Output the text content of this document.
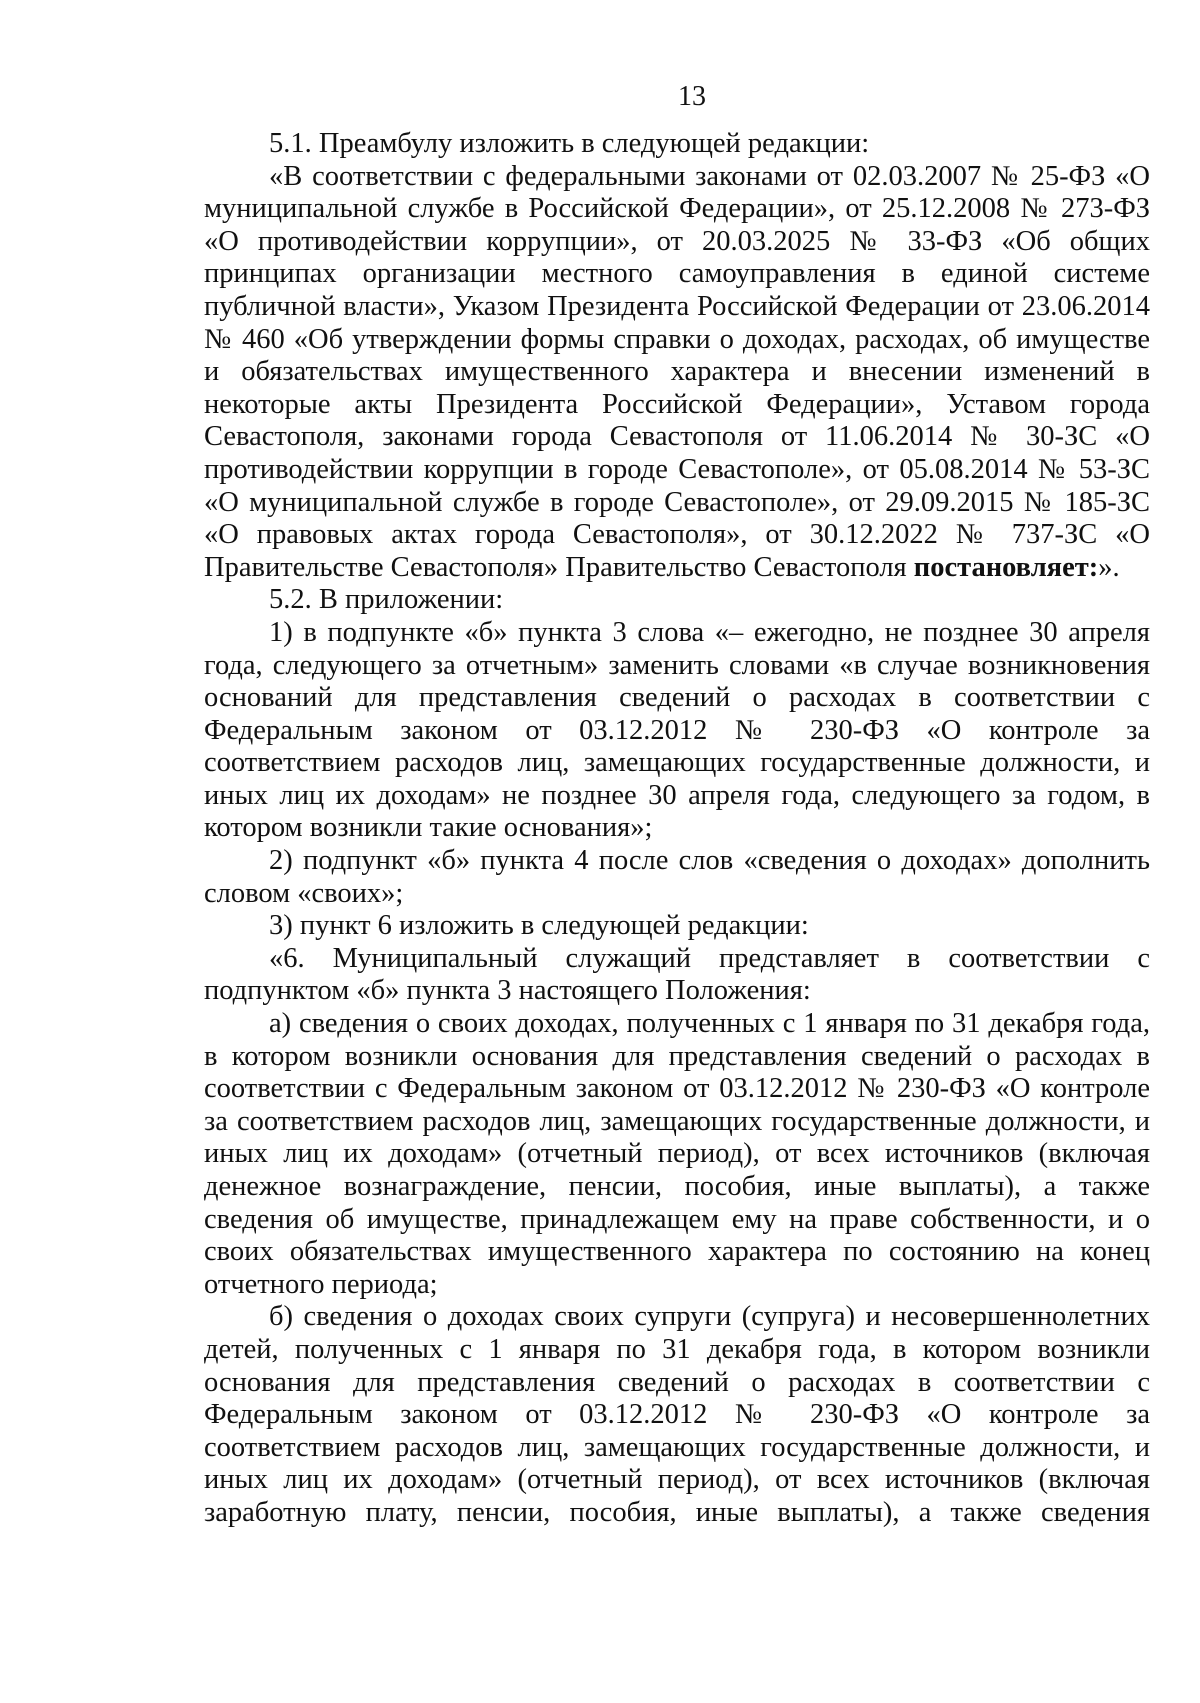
13

5.1. Преамбулу изложить в следующей редакции:

«В соответствии с федеральными законами от 02.03.2007 № 25-ФЗ «О муниципальной службе в Российской Федерации», от 25.12.2008 № 273-ФЗ «О противодействии коррупции», от 20.03.2025 № 33-ФЗ «Об общих принципах организации местного самоуправления в единой системе публичной власти», Указом Президента Российской Федерации от 23.06.2014 № 460 «Об утверждении формы справки о доходах, расходах, об имуществе и обязательствах имущественного характера и внесении изменений в некоторые акты Президента Российской Федерации», Уставом города Севастополя, законами города Севастополя от 11.06.2014 № 30-ЗС «О противодействии коррупции в городе Севастополе», от 05.08.2014 № 53-ЗС «О муниципальной службе в городе Севастополе», от 29.09.2015 № 185-ЗС «О правовых актах города Севастополя», от 30.12.2022 № 737-ЗС «О Правительстве Севастополя» Правительство Севастополя постановляет:».

5.2. В приложении:

1) в подпункте «б» пункта 3 слова «– ежегодно, не позднее 30 апреля года, следующего за отчетным» заменить словами «в случае возникновения оснований для представления сведений о расходах в соответствии с Федеральным законом от 03.12.2012 № 230-ФЗ «О контроле за соответствием расходов лиц, замещающих государственные должности, и иных лиц их доходам» не позднее 30 апреля года, следующего за годом, в котором возникли такие основания»;

2) подпункт «б» пункта 4 после слов «сведения о доходах» дополнить словом «своих»;

3) пункт 6 изложить в следующей редакции:

«6. Муниципальный служащий представляет в соответствии с подпунктом «б» пункта 3 настоящего Положения:

а) сведения о своих доходах, полученных с 1 января по 31 декабря года, в котором возникли основания для представления сведений о расходах в соответствии с Федеральным законом от 03.12.2012 № 230-ФЗ «О контроле за соответствием расходов лиц, замещающих государственные должности, и иных лиц их доходам» (отчетный период), от всех источников (включая денежное вознаграждение, пенсии, пособия, иные выплаты), а также сведения об имуществе, принадлежащем ему на праве собственности, и о своих обязательствах имущественного характера по состоянию на конец отчетного периода;

б) сведения о доходах своих супруги (супруга) и несовершеннолетних детей, полученных с 1 января по 31 декабря года, в котором возникли основания для представления сведений о расходах в соответствии с Федеральным законом от 03.12.2012 № 230-ФЗ «О контроле за соответствием расходов лиц, замещающих государственные должности, и иных лиц их доходам» (отчетный период), от всех источников (включая заработную плату, пенсии, пособия, иные выплаты), а также сведения
